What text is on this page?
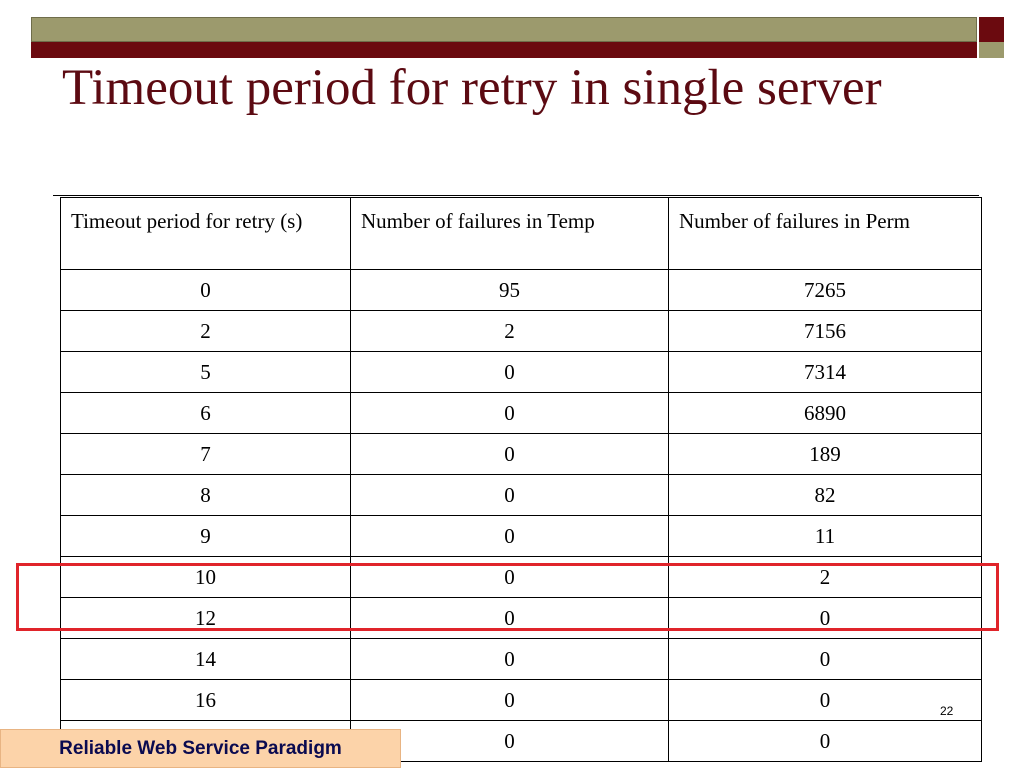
Timeout period for retry in single server
Timeout period for retry (s)	Number of failures in Temp	Number of failures in Perm
0	95	7265
2	2	7156
5	0	7314
6	0	6890
7	0	189
8	0	82
9	0	11
10	0	2
12	0	0
14	0	0
16	0	0
	0	0
22
Reliable Web Service Paradigm
